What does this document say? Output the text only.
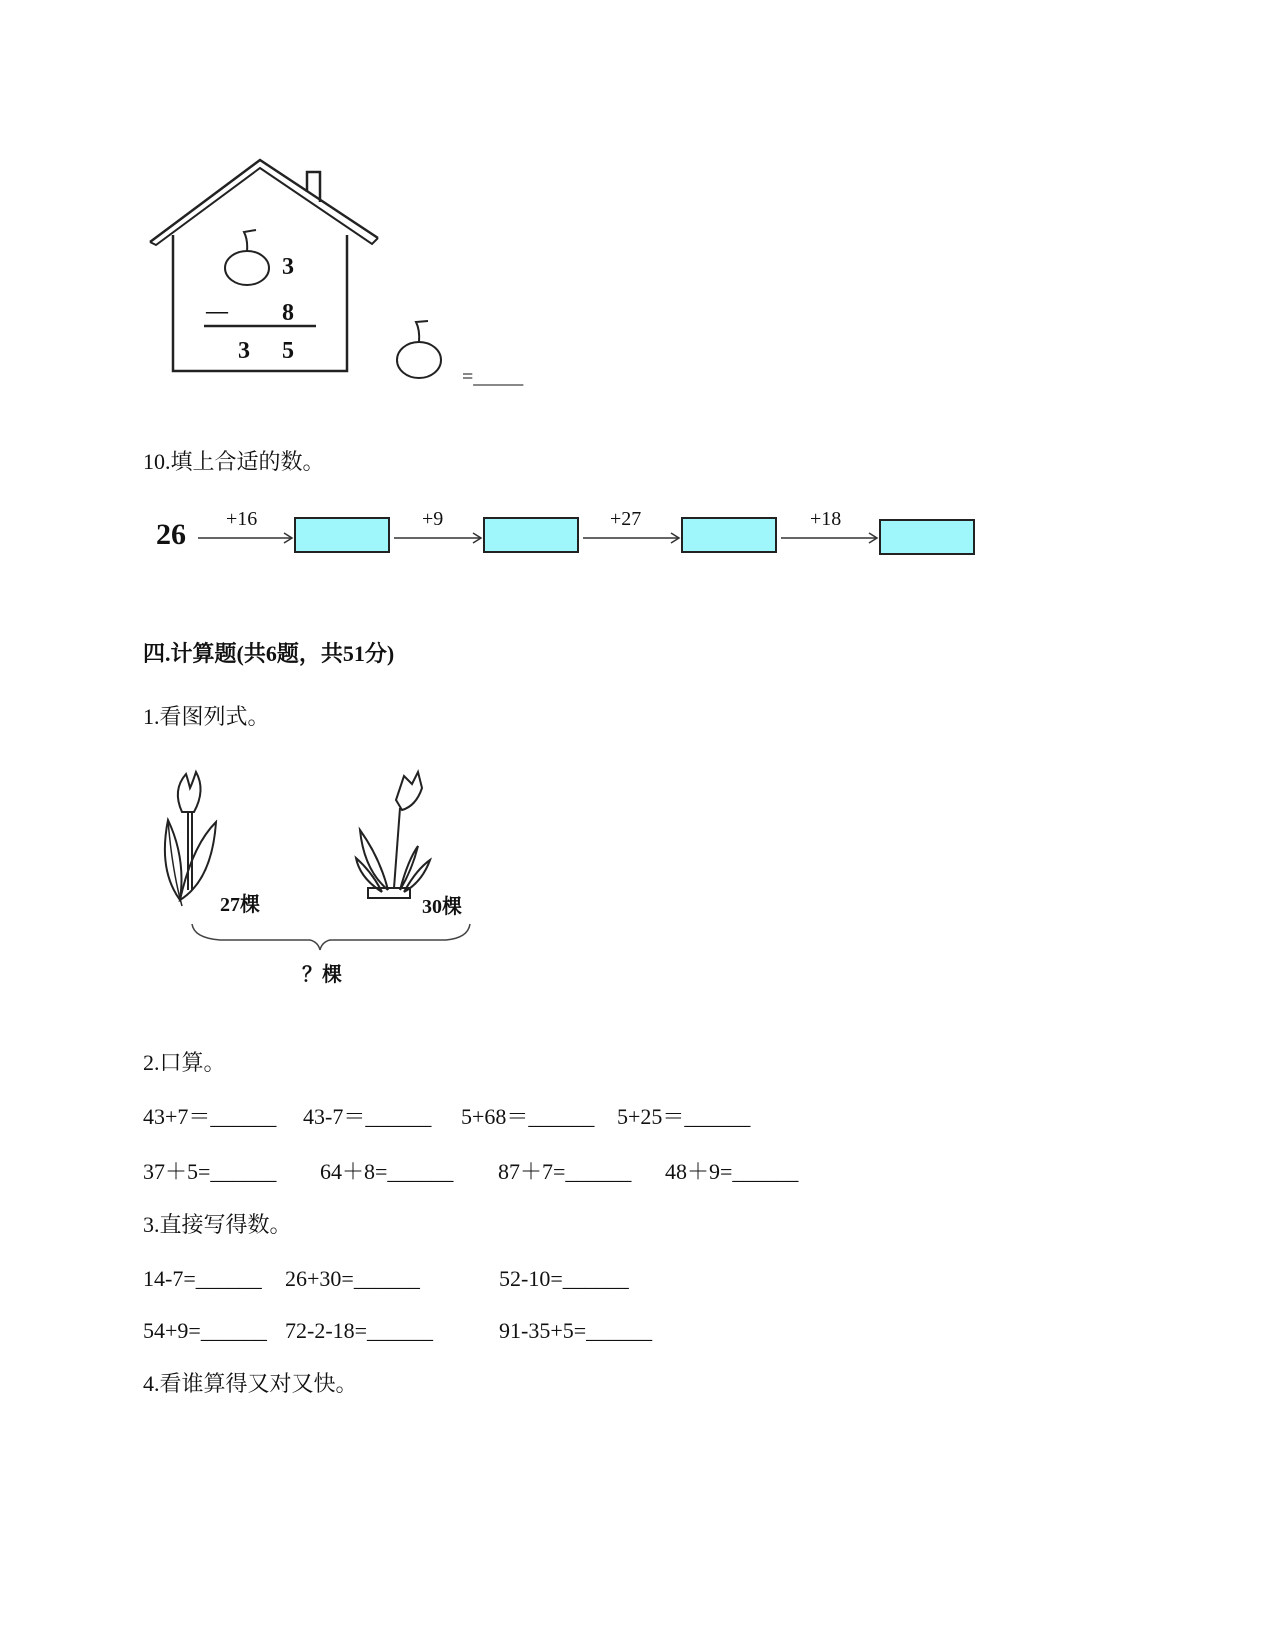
3
— 8
3 5
=_____
10.填上合适的数。
26 +16	+9	+27	+18
四.计算题(共6题，共51分)
1.看图列式。
27棵	30棵
？棵
2.口算。
43+7＝______ 43-7＝______ 5+68＝______ 5+25＝______
37＋5=______ 64＋8=______ 87＋7=______ 48＋9=______
3.直接写得数。
14-7=______ 26+30=______	52-10=______
54+9=______ 72-2-18=______	91-35+5=______
4.看谁算得又对又快。
